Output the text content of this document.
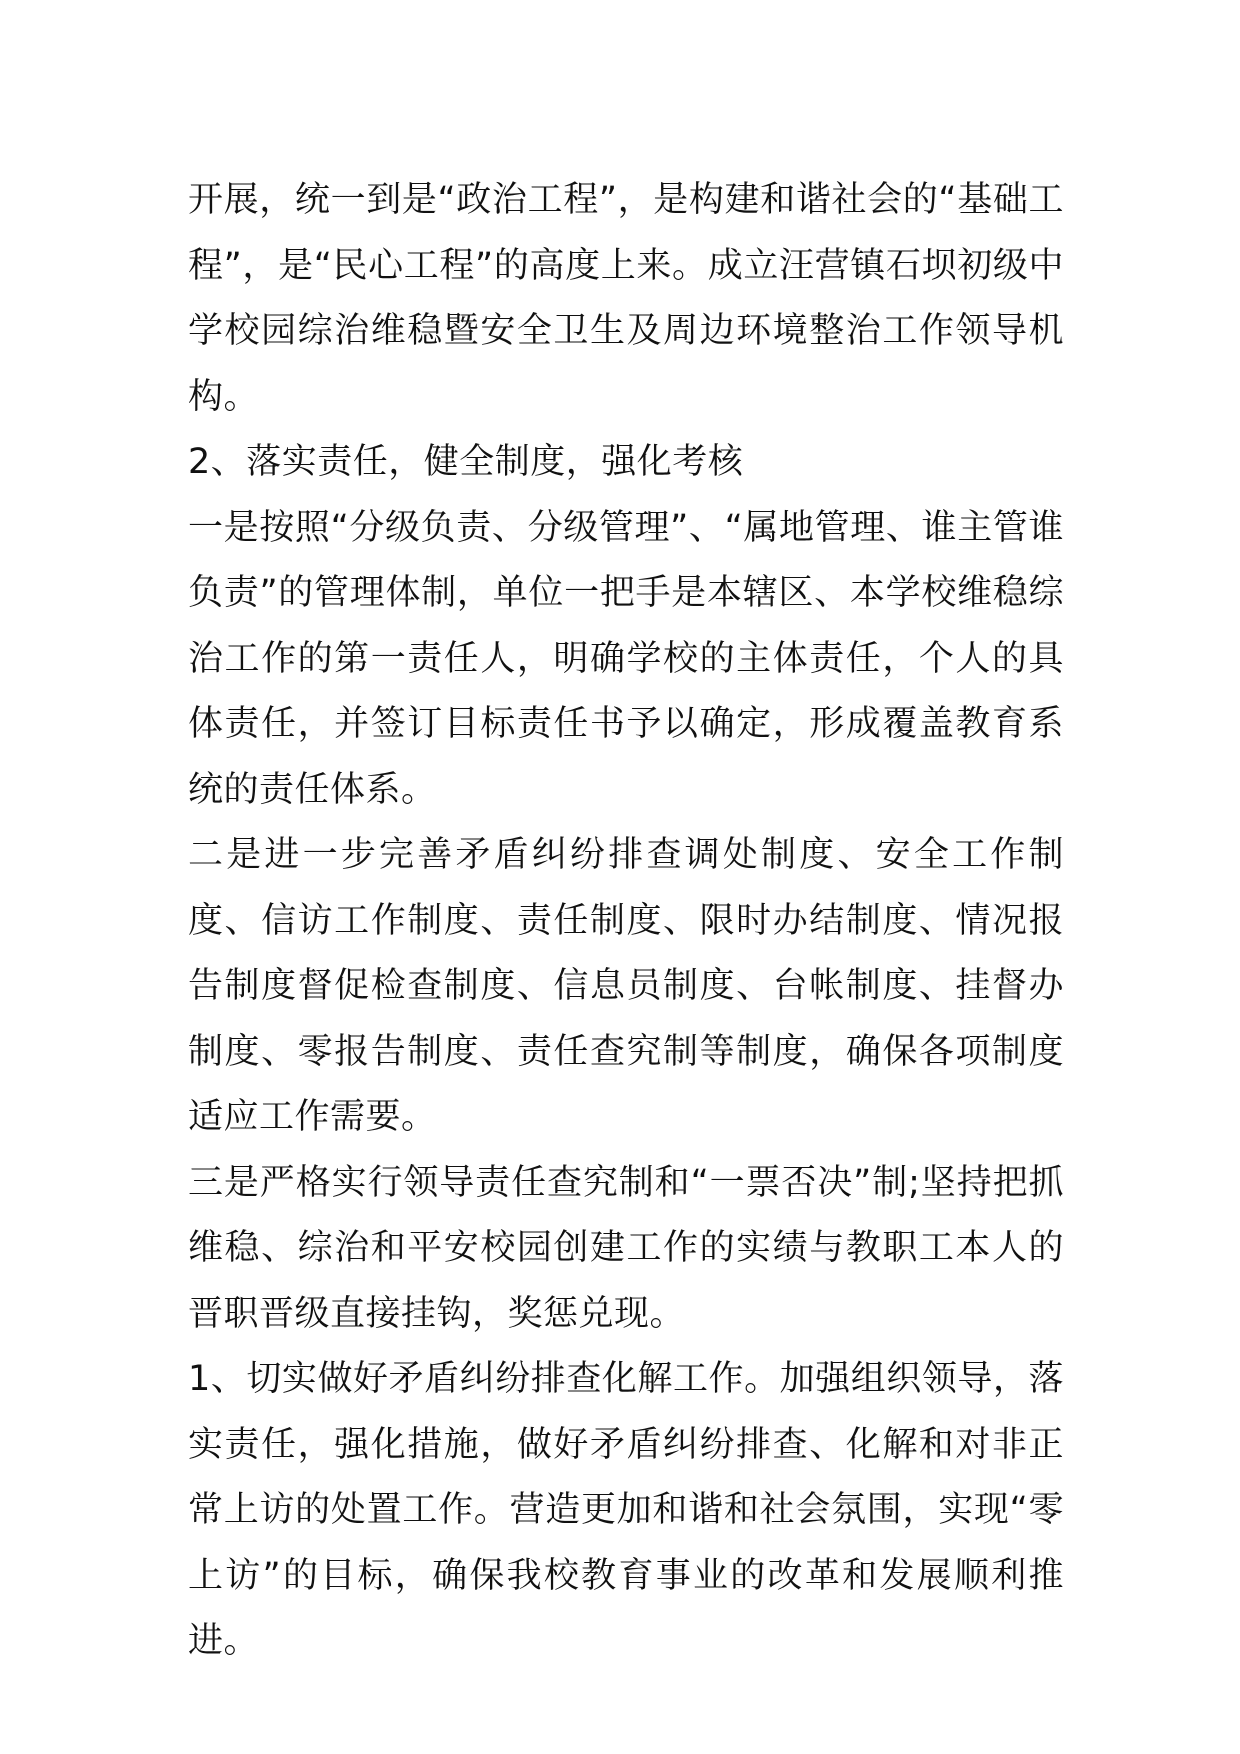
开展，统一到是“政治工程”，是构建和谐社会的“基础工程”，是“民心工程”的高度上来。成立汪营镇石坝初级中学校园综治维稳暨安全卫生及周边环境整治工作领导机构。

2、落实责任，健全制度，强化考核

一是按照“分级负责、分级管理”、“属地管理、谁主管谁负责”的管理体制，单位一把手是本辖区、本学校维稳综治工作的第一责任人，明确学校的主体责任，个人的具体责任，并签订目标责任书予以确定，形成覆盖教育系统的责任体系。

二是进一步完善矛盾纠纷排查调处制度、安全工作制度、信访工作制度、责任制度、限时办结制度、情况报告制度督促检查制度、信息员制度、台帐制度、挂督办制度、零报告制度、责任查究制等制度，确保各项制度适应工作需要。

三是严格实行领导责任查究制和“一票否决”制;坚持把抓维稳、综治和平安校园创建工作的实绩与教职工本人的晋职晋级直接挂钩，奖惩兑现。

1、切实做好矛盾纠纷排查化解工作。加强组织领导，落实责任，强化措施，做好矛盾纠纷排查、化解和对非正常上访的处置工作。营造更加和谐和社会氛围，实现“零上访”的目标，确保我校教育事业的改革和发展顺利推进。
